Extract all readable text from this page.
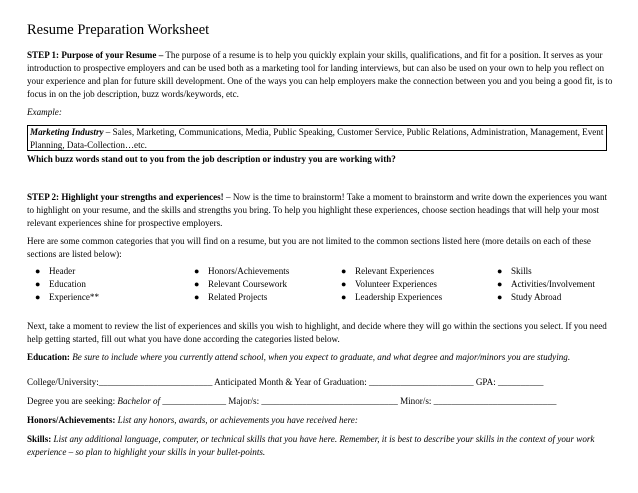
Resume Preparation Worksheet
STEP 1: Purpose of your Resume – The purpose of a resume is to help you quickly explain your skills, qualifications, and fit for a position. It serves as your introduction to prospective employers and can be used both as a marketing tool for landing interviews, but can also be used on your own to help you reflect on your experience and plan for future skill development. One of the ways you can help employers make the connection between you and you being a good fit, is to focus in on the job description, buzz words/keywords, etc.
Example:
Marketing Industry – Sales, Marketing, Communications, Media, Public Speaking, Customer Service, Public Relations, Administration, Management, Event Planning, Data-Collection…etc.
Which buzz words stand out to you from the job description or industry you are working with?
STEP 2: Highlight your strengths and experiences! – Now is the time to brainstorm! Take a moment to brainstorm and write down the experiences you want to highlight on your resume, and the skills and strengths you bring. To help you highlight these experiences, choose section headings that will help your most relevant experiences shine for prospective employers.
Here are some common categories that you will find on a resume, but you are not limited to the common sections listed here (more details on each of these sections are listed below):
● Header
● Education
● Experience**
● Honors/Achievements
● Relevant Coursework
● Related Projects
● Relevant Experiences
● Volunteer Experiences
● Leadership Experiences
● Skills
● Activities/Involvement
● Study Abroad
Next, take a moment to review the list of experiences and skills you wish to highlight, and decide where they will go within the sections you select. If you need help getting started, fill out what you have done according the categories listed below.
Education: Be sure to include where you currently attend school, when you expect to graduate, and what degree and major/minors you are studying.
College/University:_________________________ Anticipated Month & Year of Graduation: _______________________ GPA: __________
Degree you are seeking: Bachelor of ______________ Major/s: ______________________________ Minor/s: ___________________________
Honors/Achievements: List any honors, awards, or achievements you have received here:
Skills: List any additional language, computer, or technical skills that you have here. Remember, it is best to describe your skills in the context of your work experience – so plan to highlight your skills in your bullet-points.
